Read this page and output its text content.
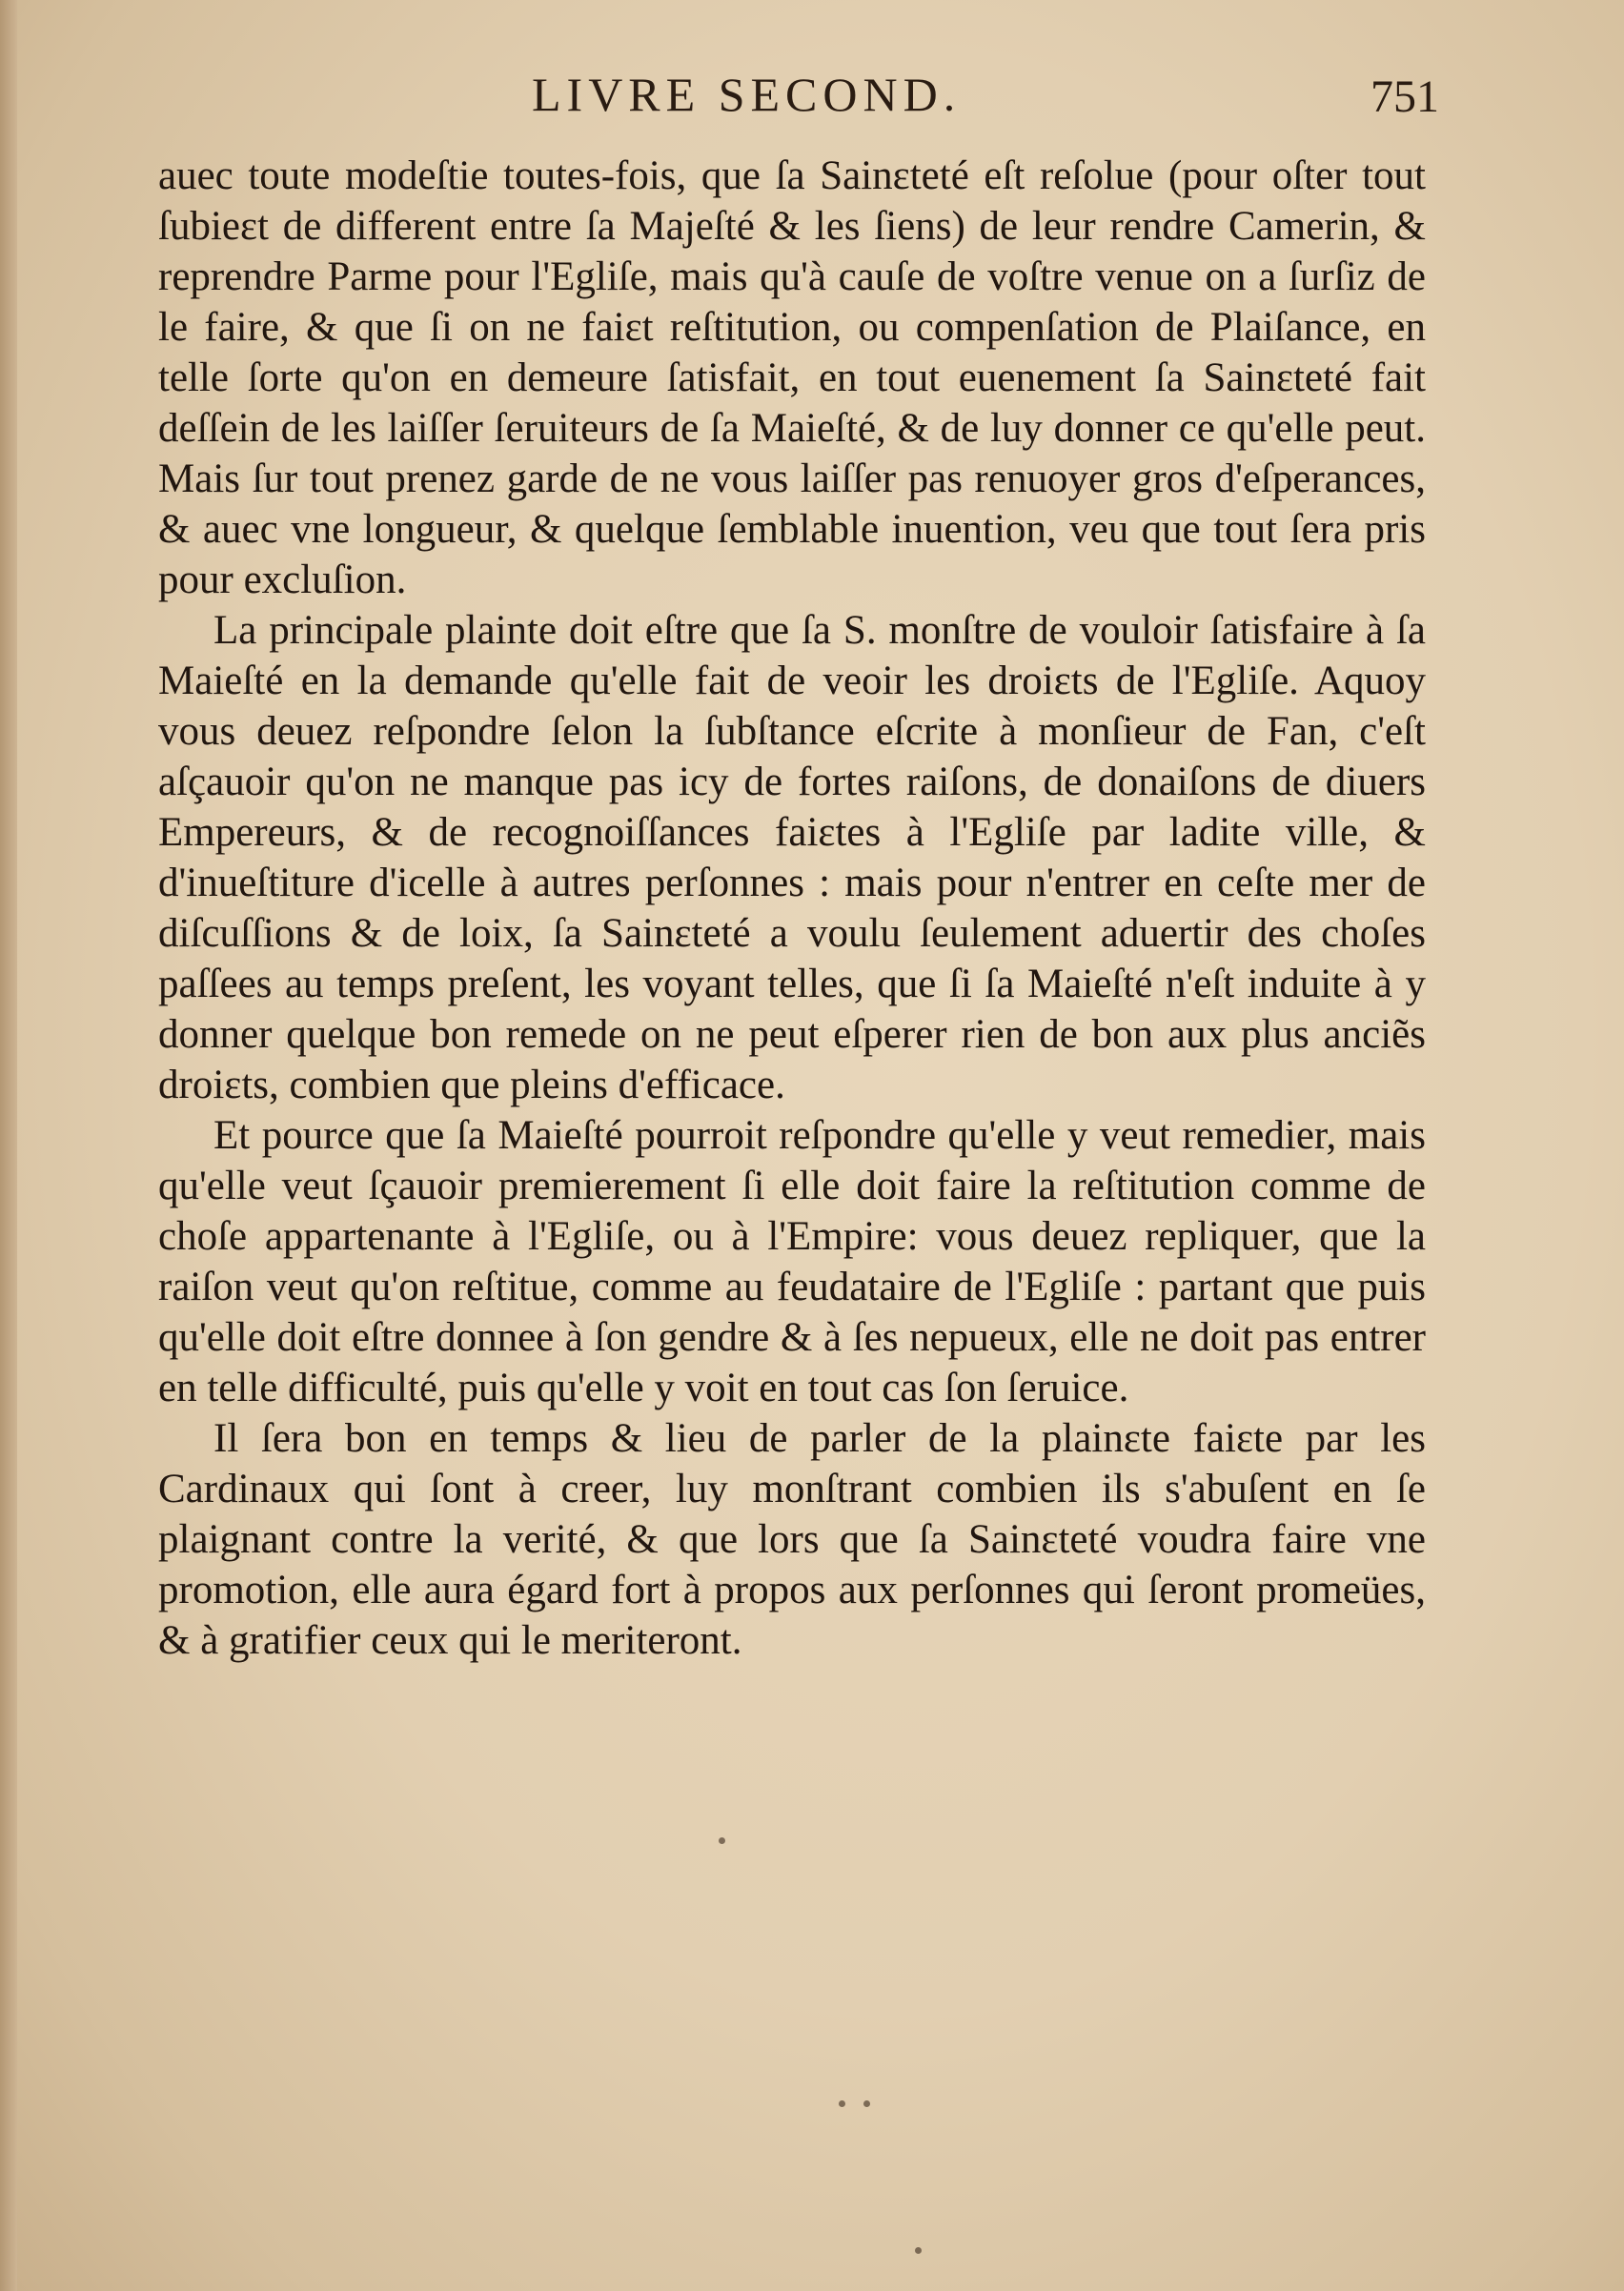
LIVRE SECOND.	751

auec toute modeſtie toutes-fois, que ſa Sainɛteté eſt reſolue (pour oſter tout ſubieɛt de different entre ſa Majeſté & les ſiens) de leur rendre Camerin, & reprendre Parme pour l'Egliſe, mais qu'à cauſe de voſtre venue on a ſurſiz de le faire, & que ſi on ne faiɛt reſtitution, ou compenſation de Plaiſance, en telle ſorte qu'on en demeure ſatisfait, en tout euenement ſa Sainɛteté fait deſſein de les laiſſer ſeruiteurs de ſa Maieſté, & de luy donner ce qu'elle peut. Mais ſur tout prenez garde de ne vous laiſſer pas renuoyer gros d'eſperances, & auec vne longueur, & quelque ſemblable inuention, veu que tout ſera pris pour excluſion.

La principale plainte doit eſtre que ſa S. monſtre de vouloir ſatisfaire à ſa Maieſté en la demande qu'elle fait de veoir les droiɛts de l'Egliſe. Aquoy vous deuez reſpondre ſelon la ſubſtance eſcrite à monſieur de Fan, c'eſt aſçauoir qu'on ne manque pas icy de fortes raiſons, de donaiſons de diuers Empereurs, & de recognoiſſances faiɛtes à l'Egliſe par ladite ville, & d'inueſtiture d'icelle à autres perſonnes : mais pour n'entrer en ceſte mer de diſcuſſions & de loix, ſa Sainɛteté a voulu ſeulement aduertir des choſes paſſees au temps preſent, les voyant telles, que ſi ſa Maieſté n'eſt induite à y donner quelque bon remede on ne peut eſperer rien de bon aux plus anciẽs droiɛts, combien que pleins d'efficace.

Et pource que ſa Maieſté pourroit reſpondre qu'elle y veut remedier, mais qu'elle veut ſçauoir premierement ſi elle doit faire la reſtitution comme de choſe appartenante à l'Egliſe, ou à l'Empire: vous deuez repliquer, que la raiſon veut qu'on reſtitue, comme au feudataire de l'Egliſe : partant que puis qu'elle doit eſtre donnee à ſon gendre & à ſes nepueux, elle ne doit pas entrer en telle difficulté, puis qu'elle y voit en tout cas ſon ſeruice.

Il ſera bon en temps & lieu de parler de la plainɛte faiɛte par les Cardinaux qui ſont à creer, luy monſtrant combien ils s'abuſent en ſe plaignant contre la verité, & que lors que ſa Sainɛteté voudra faire vne promotion, elle aura égard fort à propos aux perſonnes qui ſeront promeües, & à gratifier ceux qui le meriteront.
